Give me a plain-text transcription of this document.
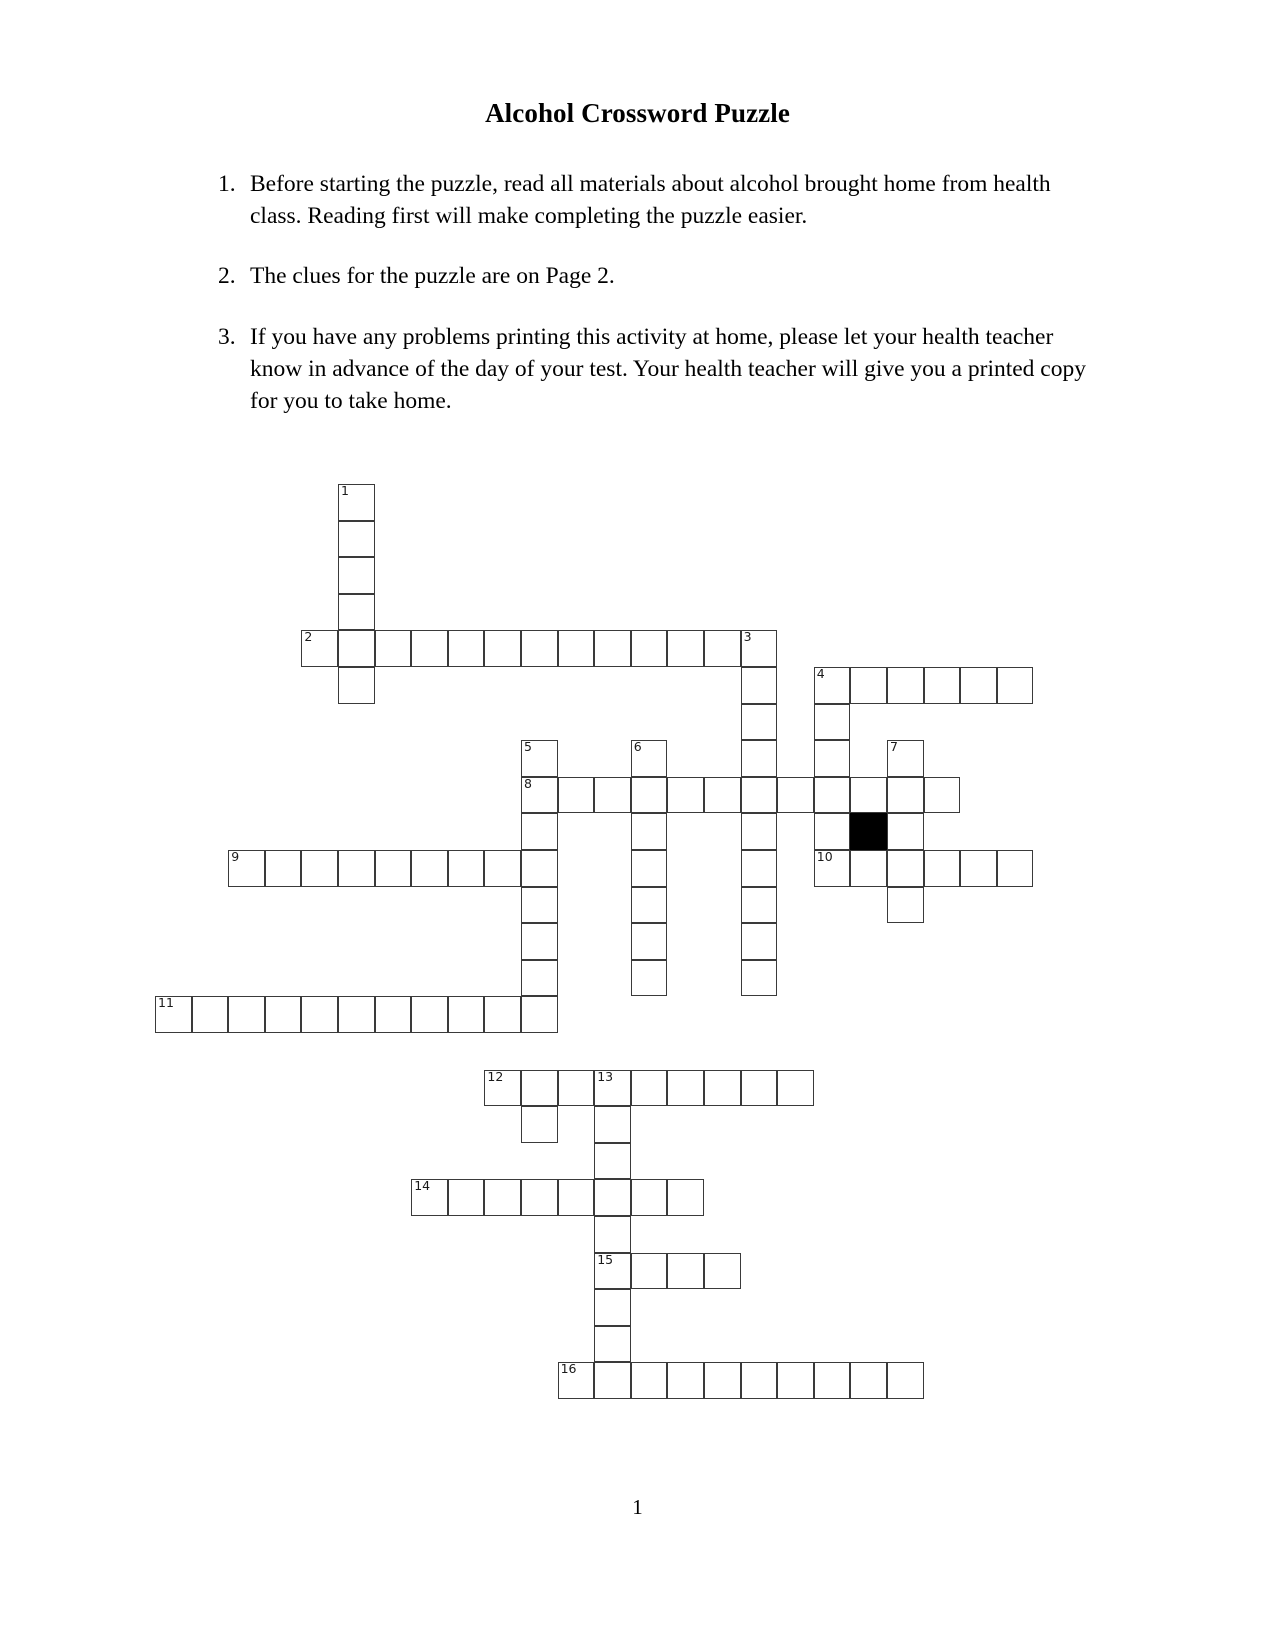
Alcohol Crossword Puzzle
1. Before starting the puzzle, read all materials about alcohol brought home from health class. Reading first will make completing the puzzle easier.
2. The clues for the puzzle are on Page 2.
3. If you have any problems printing this activity at home, please let your health teacher know in advance of the day of your test. Your health teacher will give you a printed copy for you to take home.
1
2	3
4
5	6	7
8
9	10
11
12	13
14
15
16
1
